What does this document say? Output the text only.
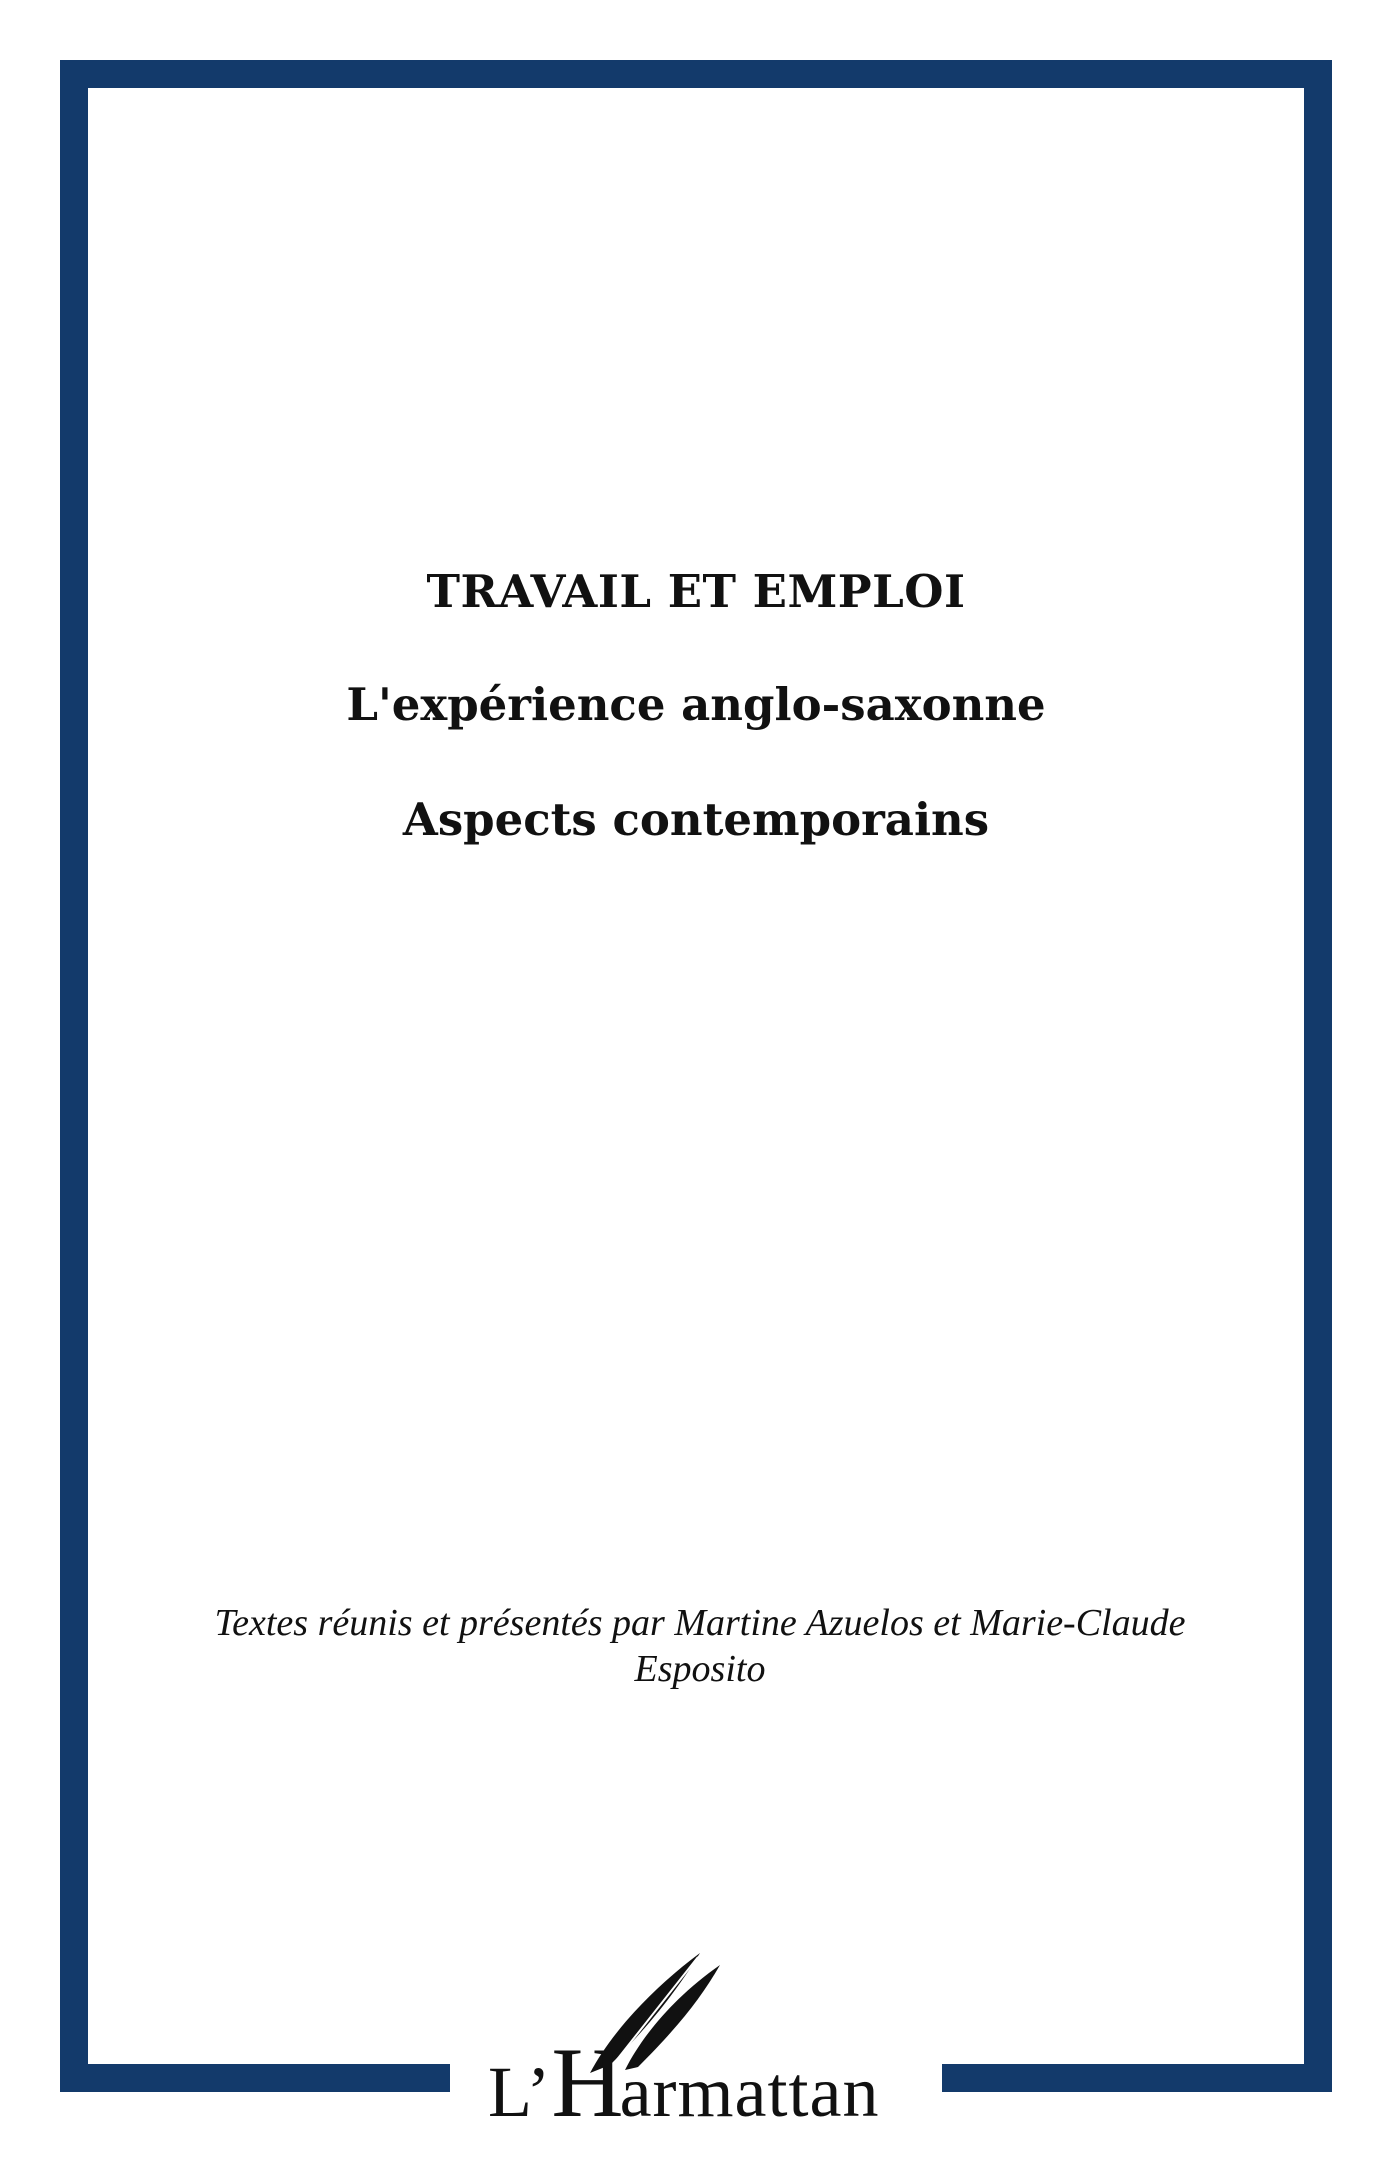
TRAVAIL ET EMPLOI
L'expérience anglo-saxonne
Aspects contemporains
Textes réunis et présentés par Martine Azuelos et Marie-Claude
Esposito
L’Harmattan
